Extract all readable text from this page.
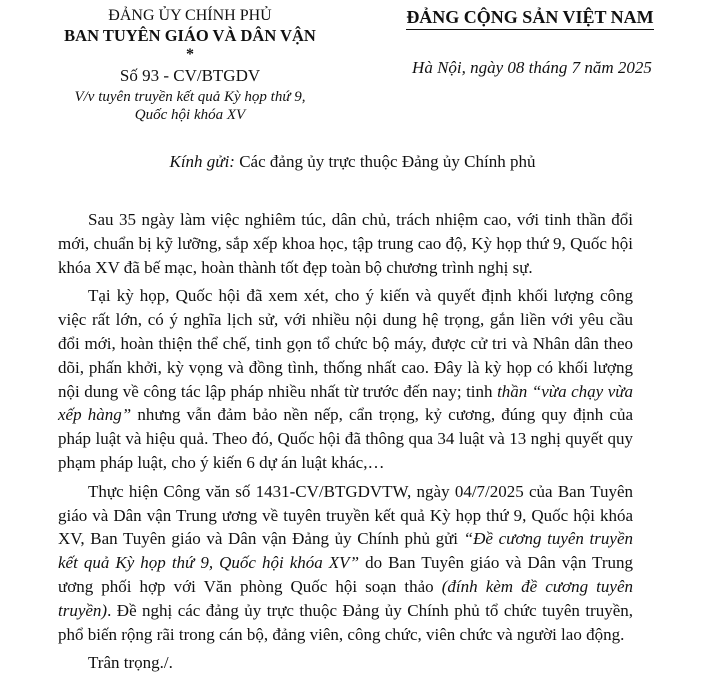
ĐẢNG ỦY CHÍNH PHỦ
BAN TUYÊN GIÁO VÀ DÂN VẬN
*
Số 93 - CV/BTGDV
V/v tuyên truyền kết quả Kỳ họp thứ 9,
Quốc hội khóa XV
ĐẢNG CỘNG SẢN VIỆT NAM
Hà Nội, ngày 08 tháng 7 năm 2025
Kính gửi: Các đảng ủy trực thuộc Đảng ủy Chính phủ

Sau 35 ngày làm việc nghiêm túc, dân chủ, trách nhiệm cao, với tinh thần đổi mới, chuẩn bị kỹ lưỡng, sắp xếp khoa học, tập trung cao độ, Kỳ họp thứ 9, Quốc hội khóa XV đã bế mạc, hoàn thành tốt đẹp toàn bộ chương trình nghị sự.

Tại kỳ họp, Quốc hội đã xem xét, cho ý kiến và quyết định khối lượng công việc rất lớn, có ý nghĩa lịch sử, với nhiều nội dung hệ trọng, gắn liền với yêu cầu đổi mới, hoàn thiện thể chế, tinh gọn tổ chức bộ máy, được cử tri và Nhân dân theo dõi, phấn khởi, kỳ vọng và đồng tình, thống nhất cao. Đây là kỳ họp có khối lượng nội dung về công tác lập pháp nhiều nhất từ trước đến nay; tinh thần “vừa chạy vừa xếp hàng” nhưng vẫn đảm bảo nền nếp, cẩn trọng, kỷ cương, đúng quy định của pháp luật và hiệu quả. Theo đó, Quốc hội đã thông qua 34 luật và 13 nghị quyết quy phạm pháp luật, cho ý kiến 6 dự án luật khác,…

Thực hiện Công văn số 1431-CV/BTGDVTW, ngày 04/7/2025 của Ban Tuyên giáo và Dân vận Trung ương về tuyên truyền kết quả Kỳ họp thứ 9, Quốc hội khóa XV, Ban Tuyên giáo và Dân vận Đảng ủy Chính phủ gửi “Đề cương tuyên truyền kết quả Kỳ họp thứ 9, Quốc hội khóa XV” do Ban Tuyên giáo và Dân vận Trung ương phối hợp với Văn phòng Quốc hội soạn thảo (đính kèm đề cương tuyên truyền). Đề nghị các đảng ủy trực thuộc Đảng ủy Chính phủ tổ chức tuyên truyền, phổ biến rộng rãi trong cán bộ, đảng viên, công chức, viên chức và người lao động.

Trân trọng./.
